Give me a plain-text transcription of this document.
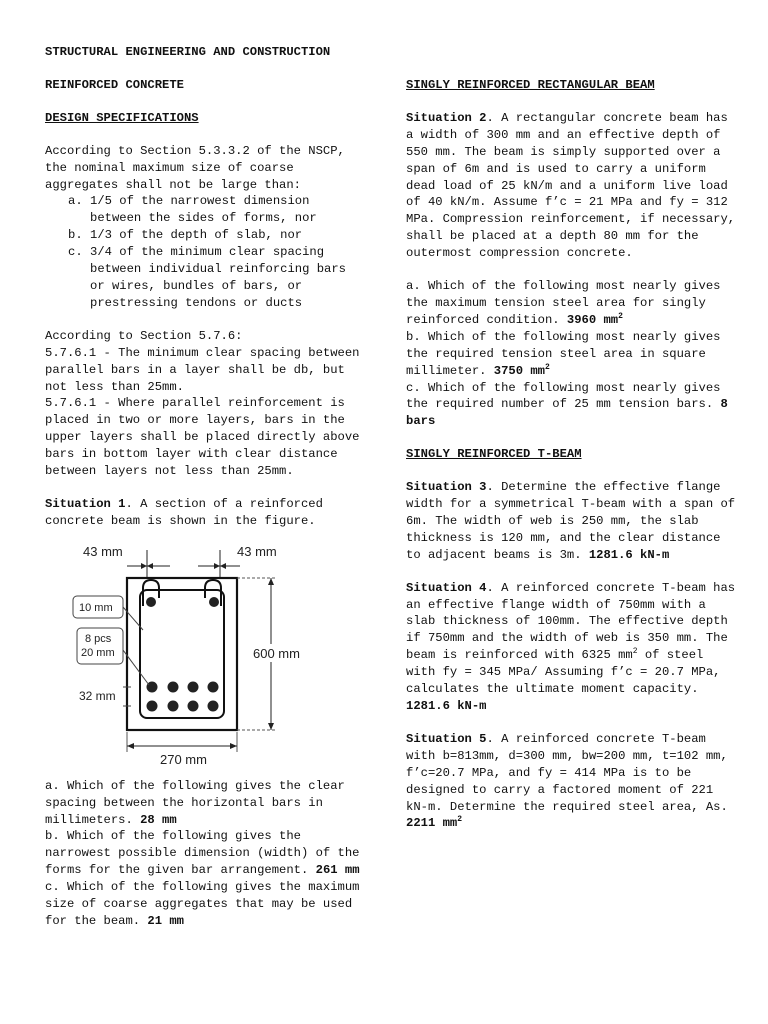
STRUCTURAL ENGINEERING AND CONSTRUCTION

REINFORCED CONCRETE

DESIGN SPECIFICATIONS

According to Section 5.3.3.2 of the NSCP, the nominal maximum size of coarse aggregates shall not be large than:

a. 1/5 of the narrowest dimension between the sides of forms, nor
b. 1/3 of the depth of slab, nor
c. 3/4 of the minimum clear spacing between individual reinforcing bars or wires, bundles of bars, or prestressing tendons or ducts

According to Section 5.7.6:

5.7.6.1 - The minimum clear spacing between parallel bars in a layer shall be db, but not less than 25mm.

5.7.6.1 - Where parallel reinforcement is placed in two or more layers, bars in the upper layers shall be placed directly above bars in bottom layer with clear distance between layers not less than 25mm.

Situation 1. A section of a reinforced concrete beam is shown in the figure.

43 mm	43 mm
10 mm
8 pcs
20 mm
32 mm
600 mm
270 mm

a. Which of the following gives the clear spacing between the horizontal bars in millimeters. 28 mm

b. Which of the following gives the narrowest possible dimension (width) of the forms for the given bar arrangement. 261 mm

c. Which of the following gives the maximum size of coarse aggregates that may be used for the beam. 21 mm

SINGLY REINFORCED RECTANGULAR BEAM

Situation 2. A rectangular concrete beam has a width of 300 mm and an effective depth of 550 mm. The beam is simply supported over a span of 6m and is used to carry a uniform dead load of 25 kN/m and a uniform live load of 40 kN/m. Assume f’c = 21 MPa and fy = 312 MPa. Compression reinforcement, if necessary, shall be placed at a depth 80 mm for the outermost compression concrete.

a. Which of the following most nearly gives the maximum tension steel area for singly reinforced condition. 3960 $mm^2$

b. Which of the following most nearly gives the required tension steel area in square millimeter. 3750 $mm^2$

c. Which of the following most nearly gives the required number of 25 mm tension bars. 8 bars

SINGLY REINFORCED T-BEAM

Situation 3. Determine the effective flange width for a symmetrical T-beam with a span of 6m. The width of web is 250 mm, the slab thickness is 120 mm, and the clear distance to adjacent beams is 3m. 1281.6 kN-m

Situation 4. A reinforced concrete T-beam has an effective flange width of 750mm with a slab thickness of 100mm. The effective depth if 750mm and the width of web is 350 mm. The beam is reinforced with 6325 $mm^2$ of steel with fy = 345 MPa/ Assuming f’c = 20.7 MPa, calculates the ultimate moment capacity. 1281.6 kN-m

Situation 5. A reinforced concrete T-beam with b=813mm, d=300 mm, bw=200 mm, t=102 mm, f’c=20.7 MPa, and fy = 414 MPa is to be designed to carry a factored moment of 221 kN-m. Determine the required steel area, As. 2211 $mm^2$
